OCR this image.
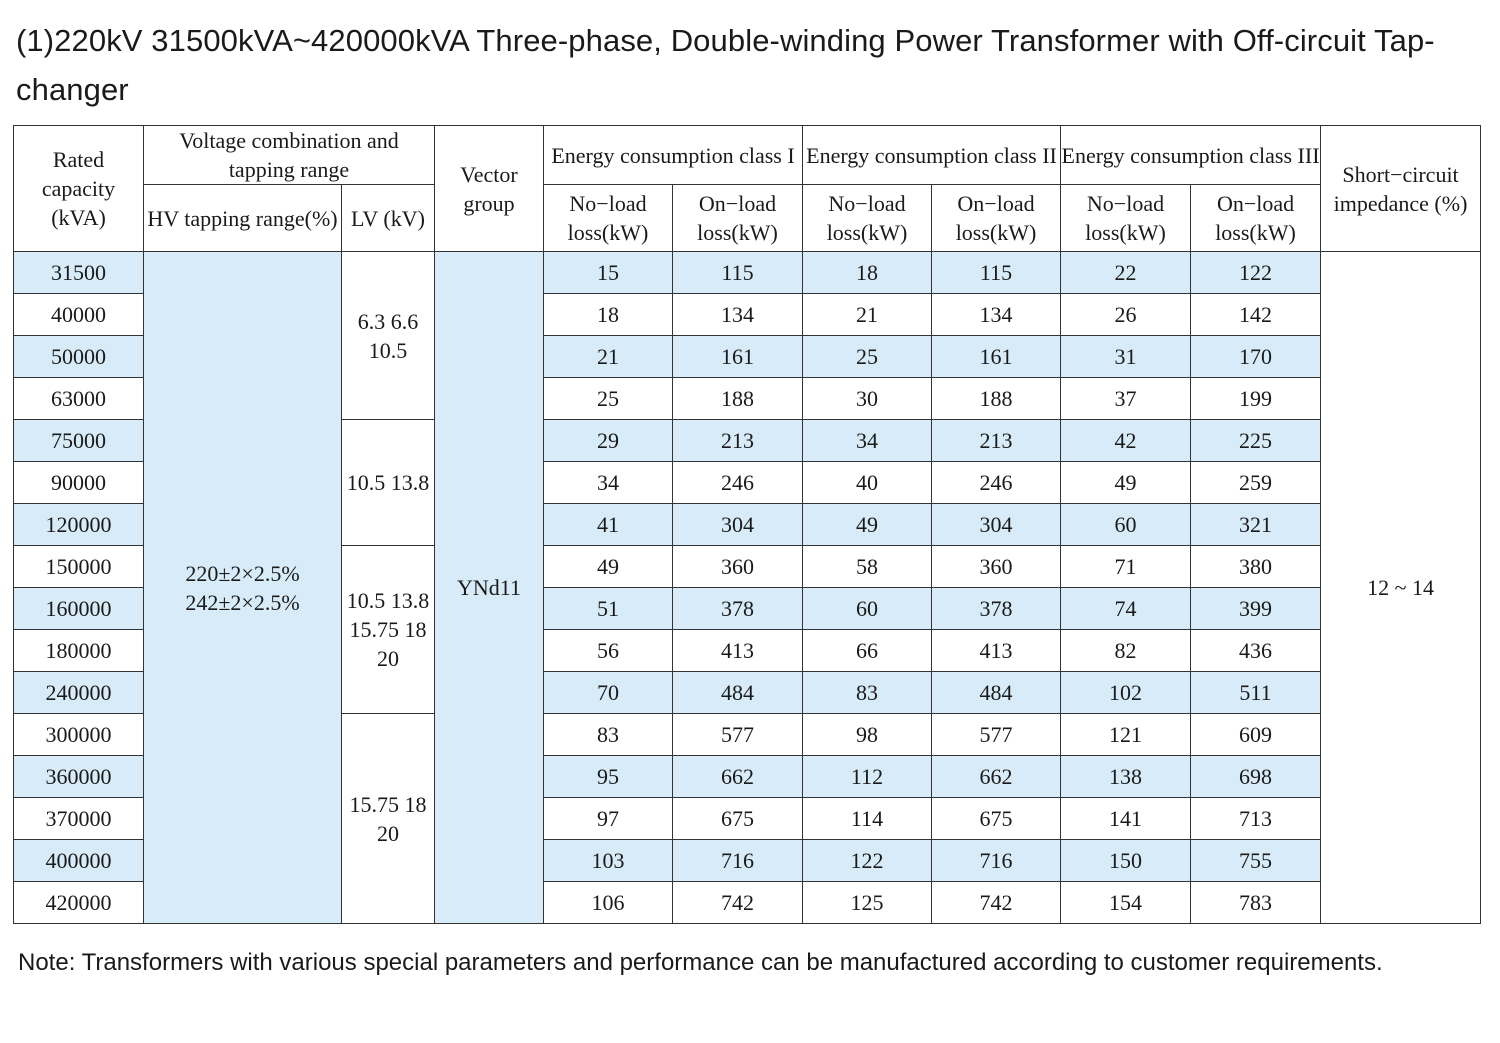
(1)220kV 31500kVA~420000kVA Three-phase, Double-winding Power Transformer with Off-circuit Tap-changer
Rated capacity (kVA)	Voltage combination and tapping range		Vector group	Energy consumption class I		Energy consumption class II		Energy consumption class III		Short−circuit impedance (%)
	HV tapping range(%)	LV (kV)		No−load loss(kW)	On−load loss(kW)	No−load loss(kW)	On−load loss(kW)	No−load loss(kW)	On−load loss(kW)	
31500	220±2×2.5% 242±2×2.5%	6.3 6.6 10.5	YNd11	15	115	18	115	22	122	12 ~ 14
40000				18	134	21	134	26	142	
50000				21	161	25	161	31	170	
63000				25	188	30	188	37	199	
75000		10.5 13.8		29	213	34	213	42	225	
90000				34	246	40	246	49	259	
120000				41	304	49	304	60	321	
150000		10.5 13.8 15.75 18 20		49	360	58	360	71	380	
160000				51	378	60	378	74	399	
180000				56	413	66	413	82	436	
240000				70	484	83	484	102	511	
300000		15.75 18 20		83	577	98	577	121	609	
360000				95	662	112	662	138	698	
370000				97	675	114	675	141	713	
400000				103	716	122	716	150	755	
420000				106	742	125	742	154	783	
Note: Transformers with various special parameters and performance can be manufactured according to customer requirements.
